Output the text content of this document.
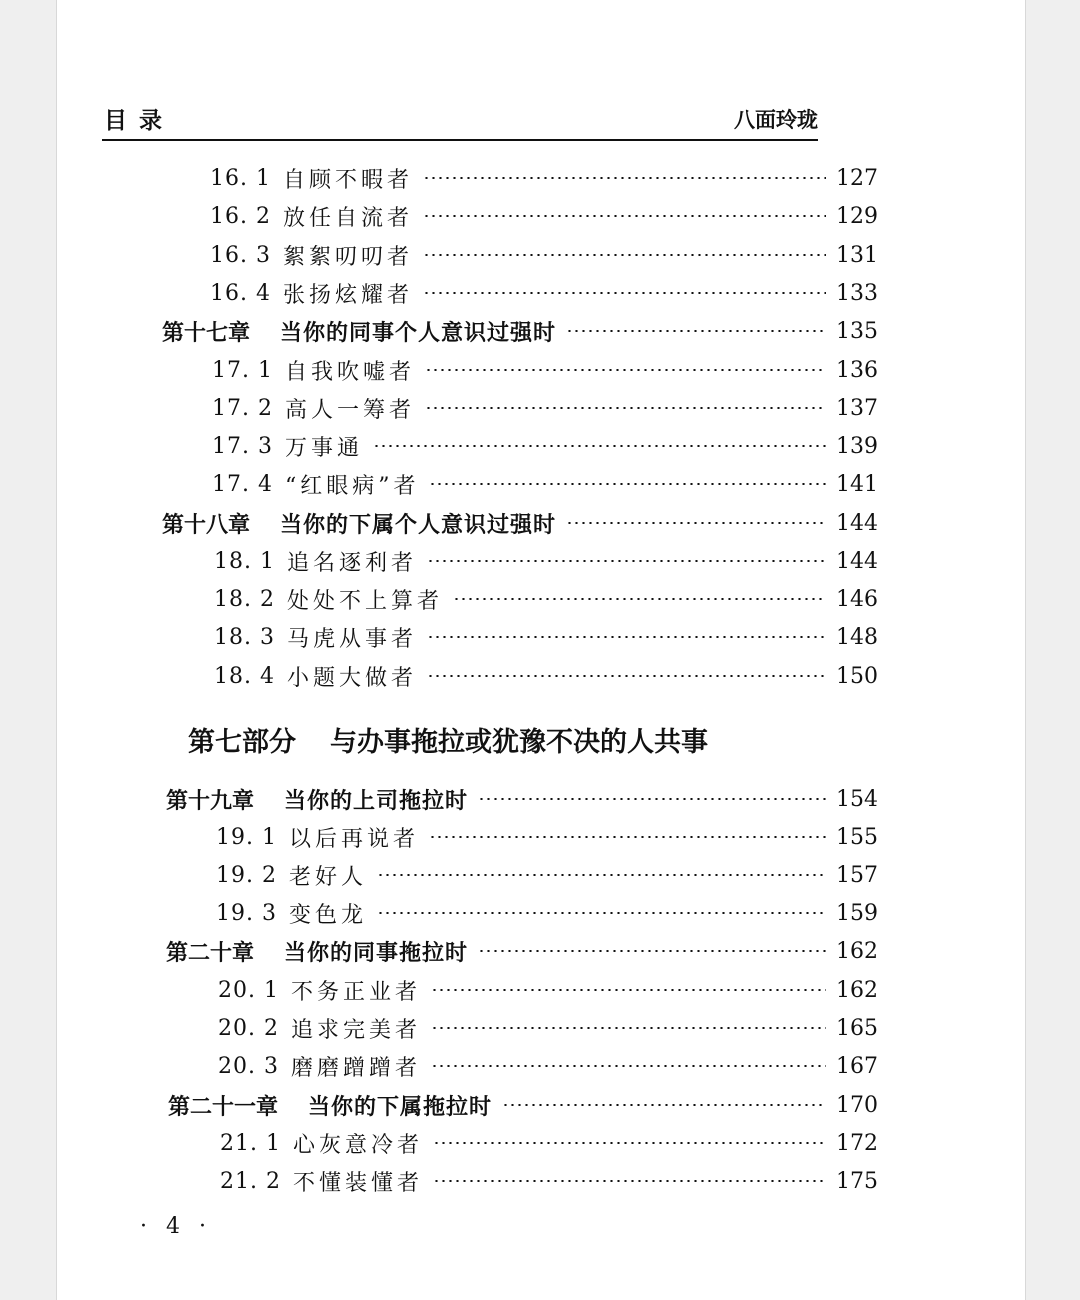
目录	八面玲珑
16. 1 自顾不暇者	127
16. 2 放任自流者	129
16. 3 絮絮叨叨者	131
16. 4 张扬炫耀者	133
第十七章 当你的同事个人意识过强时	135
17. 1 自我吹嘘者	136
17. 2 高人一筹者	137
17. 3 万事通	139
17. 4 “红眼病”者	141
第十八章 当你的下属个人意识过强时	144
18. 1 追名逐利者	144
18. 2 处处不上算者	146
18. 3 马虎从事者	148
18. 4 小题大做者	150
第十九章 当你的上司拖拉时	154
19. 1 以后再说者	155
19. 2 老好人	157
19. 3 变色龙	159
第二十章 当你的同事拖拉时	162
20. 1 不务正业者	162
20. 2 追求完美者	165
20. 3 磨磨蹭蹭者	167
第二十一章 当你的下属拖拉时	170
21. 1 心灰意冷者	172
21. 2 不懂装懂者	175
第七部分 与办事拖拉或犹豫不决的人共事
· 4 ·
